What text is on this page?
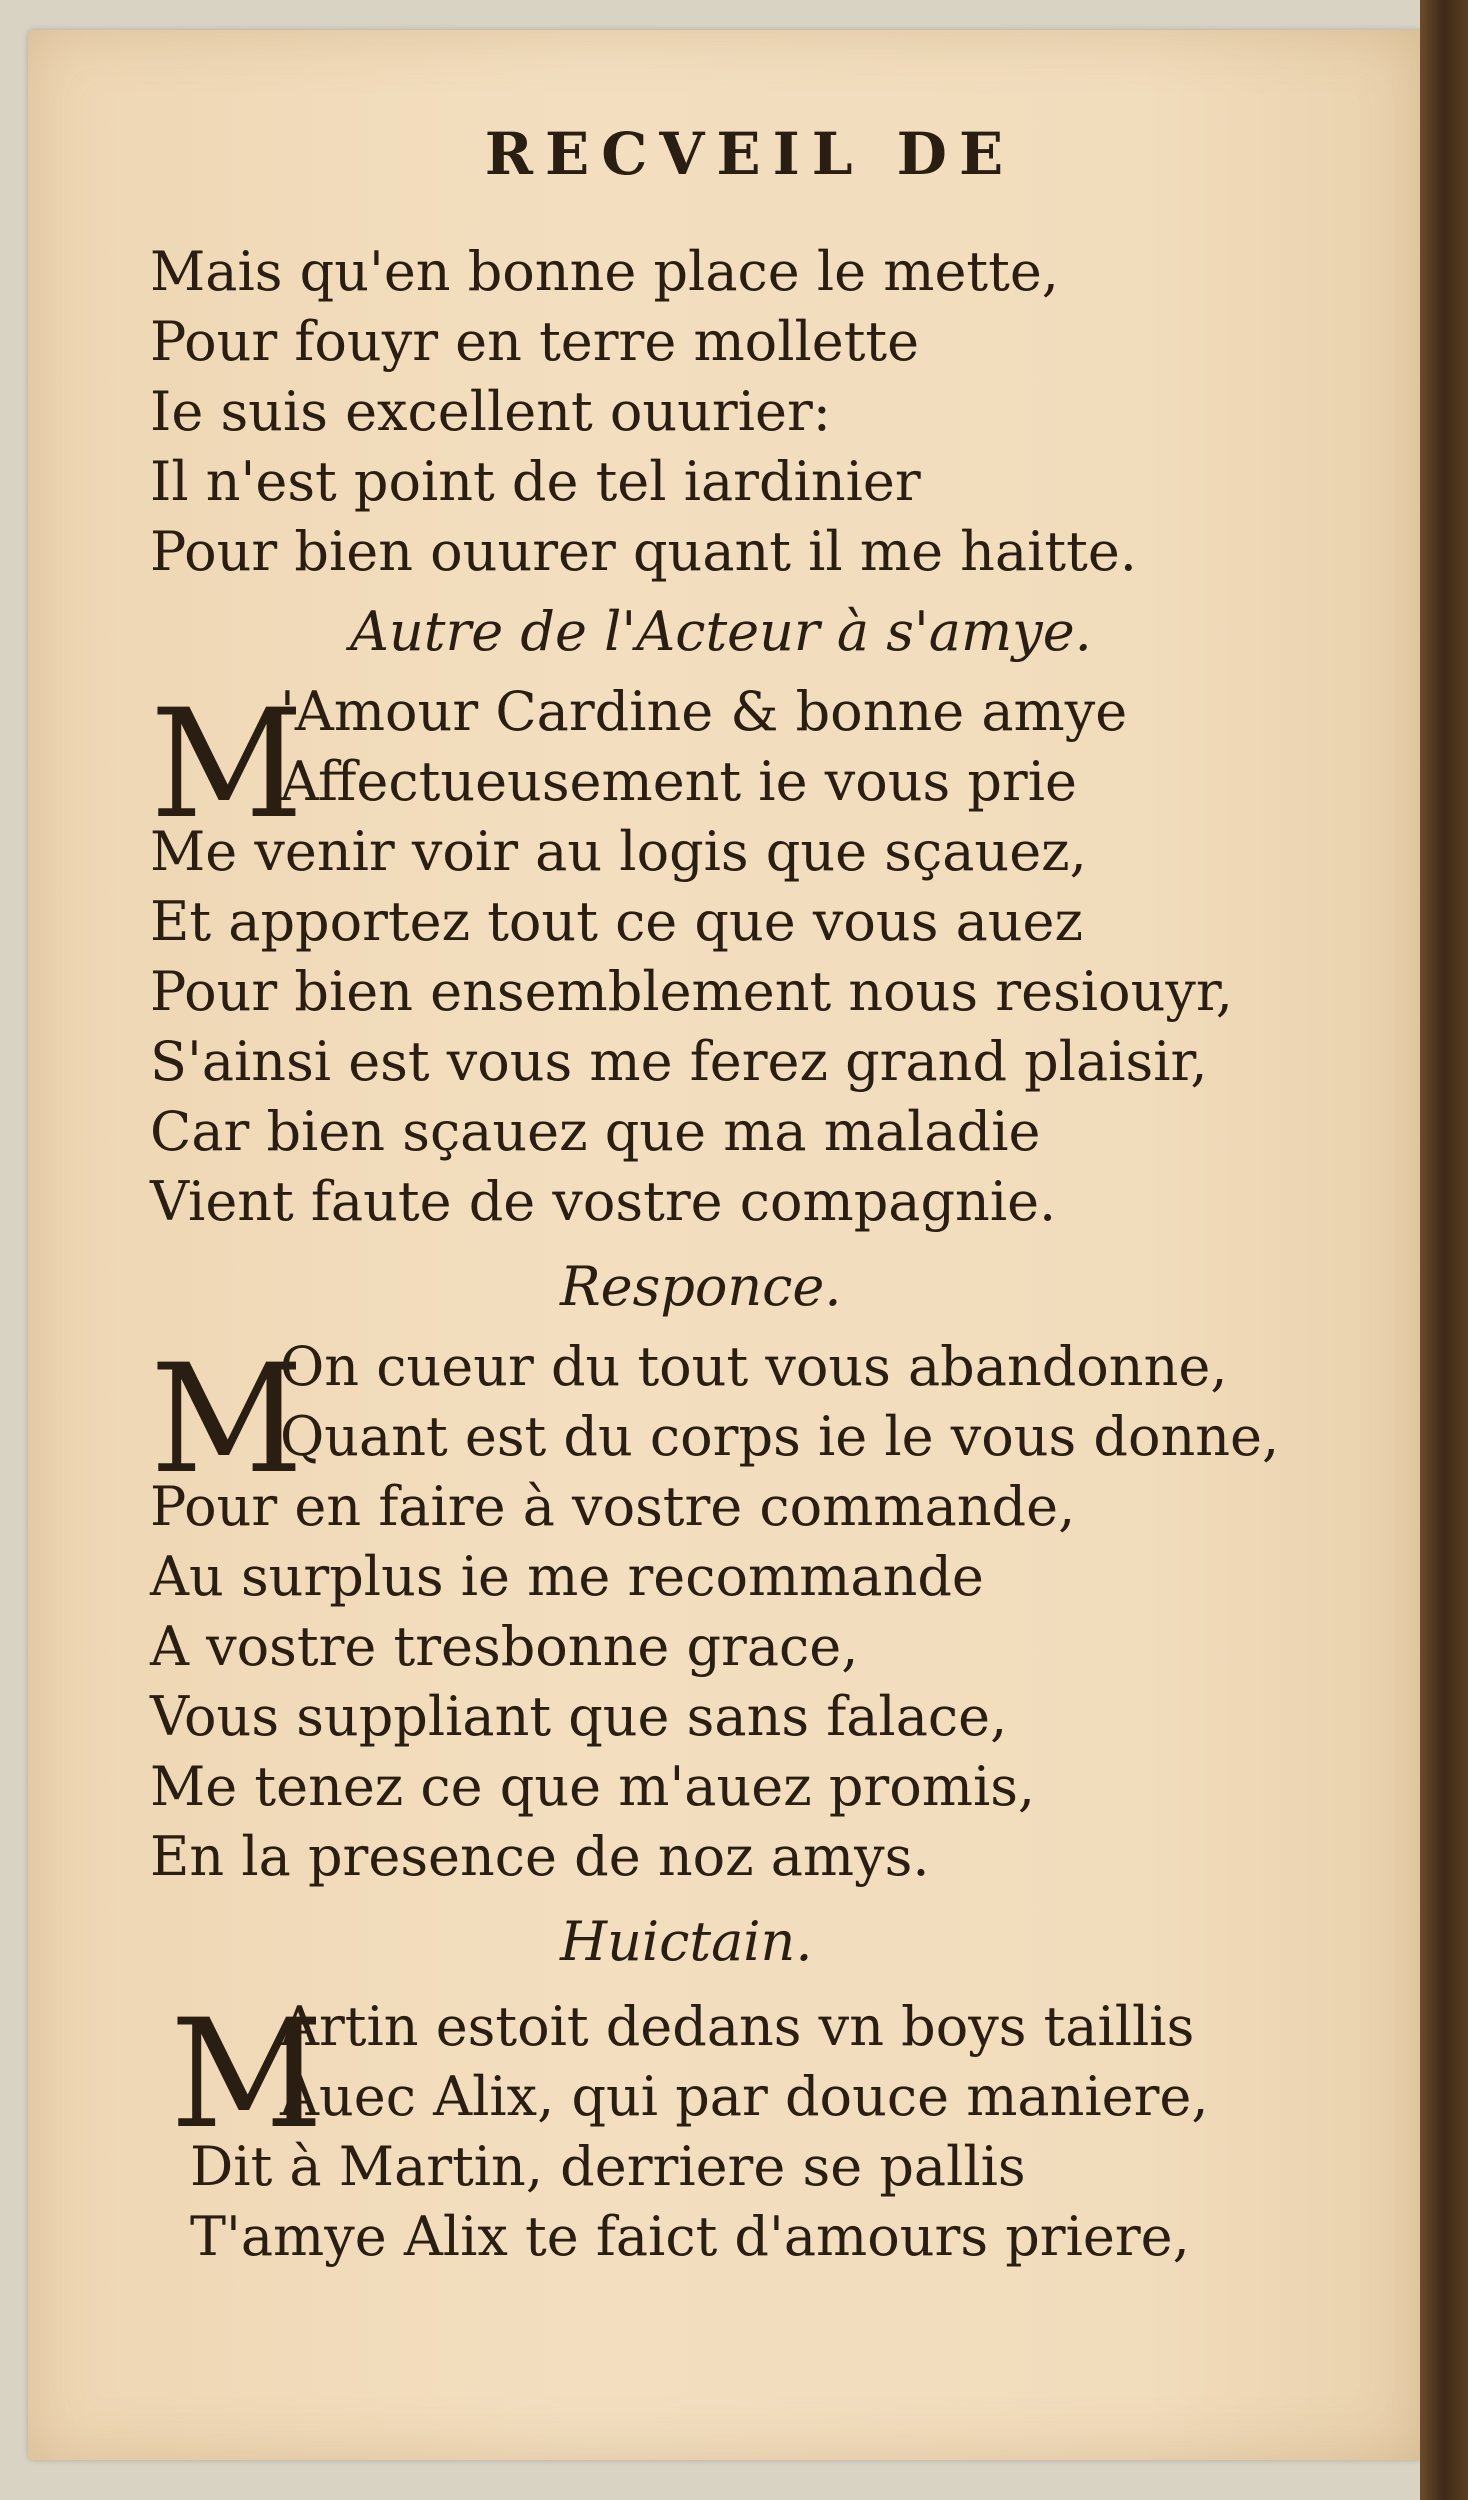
RECVEIL DE
Mais qu'en bonne place le mette,
Pour fouyr en terre mollette
Ie suis excellent ouurier:
Il n'est point de tel iardinier
Pour bien ouurer quant il me haitte.
Autre de l'Acteur à s'amye.
M
'Amour Cardine & bonne amye
Affectueusement ie vous prie
Me venir voir au logis que sçauez,
Et apportez tout ce que vous auez
Pour bien ensemblement nous resiouyr,
S'ainsi est vous me ferez grand plaisir,
Car bien sçauez que ma maladie
Vient faute de vostre compagnie.
Responce.
M
On cueur du tout vous abandonne,
Quant est du corps ie le vous donne,
Pour en faire à vostre commande,
Au surplus ie me recommande
A vostre tresbonne grace,
Vous suppliant que sans falace,
Me tenez ce que m'auez promis,
En la presence de noz amys.
Huictain.
M
Artin estoit dedans vn boys taillis
Auec Alix, qui par douce maniere,
Dit à Martin, derriere se pallis
T'amye Alix te faict d'amours priere,
